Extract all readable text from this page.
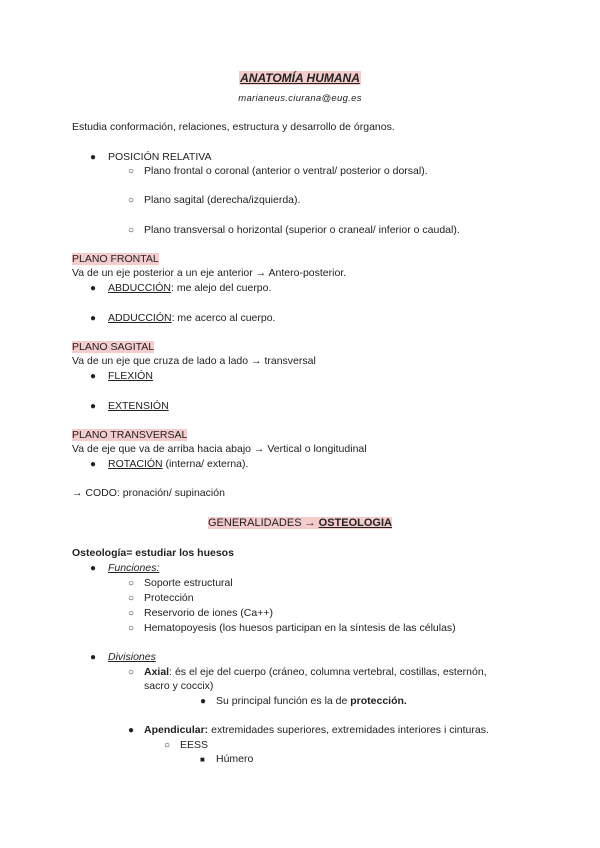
ANATOMÍA HUMANA
marianeus.ciurana@eug.es
Estudia conformación, relaciones, estructura y desarrollo de órganos.
● POSICIÓN RELATIVA
○ Plano frontal o coronal (anterior o ventral/ posterior o dorsal).
○ Plano sagital (derecha/izquierda).
○ Plano transversal o horizontal (superior o craneal/ inferior o caudal).
PLANO FRONTAL
Va de un eje posterior a un eje anterior → Antero-posterior.
● ABDUCCIÓN: me alejo del cuerpo.
● ADDUCCIÓN: me acerco al cuerpo.
PLANO SAGITAL
Va de un eje que cruza de lado a lado → transversal
● FLEXIÓN
● EXTENSIÓN
PLANO TRANSVERSAL
Va de eje que va de arriba hacia abajo → Vertical o longitudinal
● ROTACIÓN (interna/ externa).
→ CODO: pronación/ supinación
GENERALIDADES → OSTEOLOGIA
Osteología= estudiar los huesos
● Funciones:
○ Soporte estructural
○ Protección
○ Reservorio de iones (Ca++)
○ Hematopoyesis (los huesos participan en la síntesis de las células)
● Divisiones
○ Axial: és el eje del cuerpo (cráneo, columna vertebral, costillas, esternón,
sacro y coccix)
● Su principal función es la de protección.
● Apendicular: extremidades superiores, extremidades interiores i cinturas.
○ EESS
■ Húmero
